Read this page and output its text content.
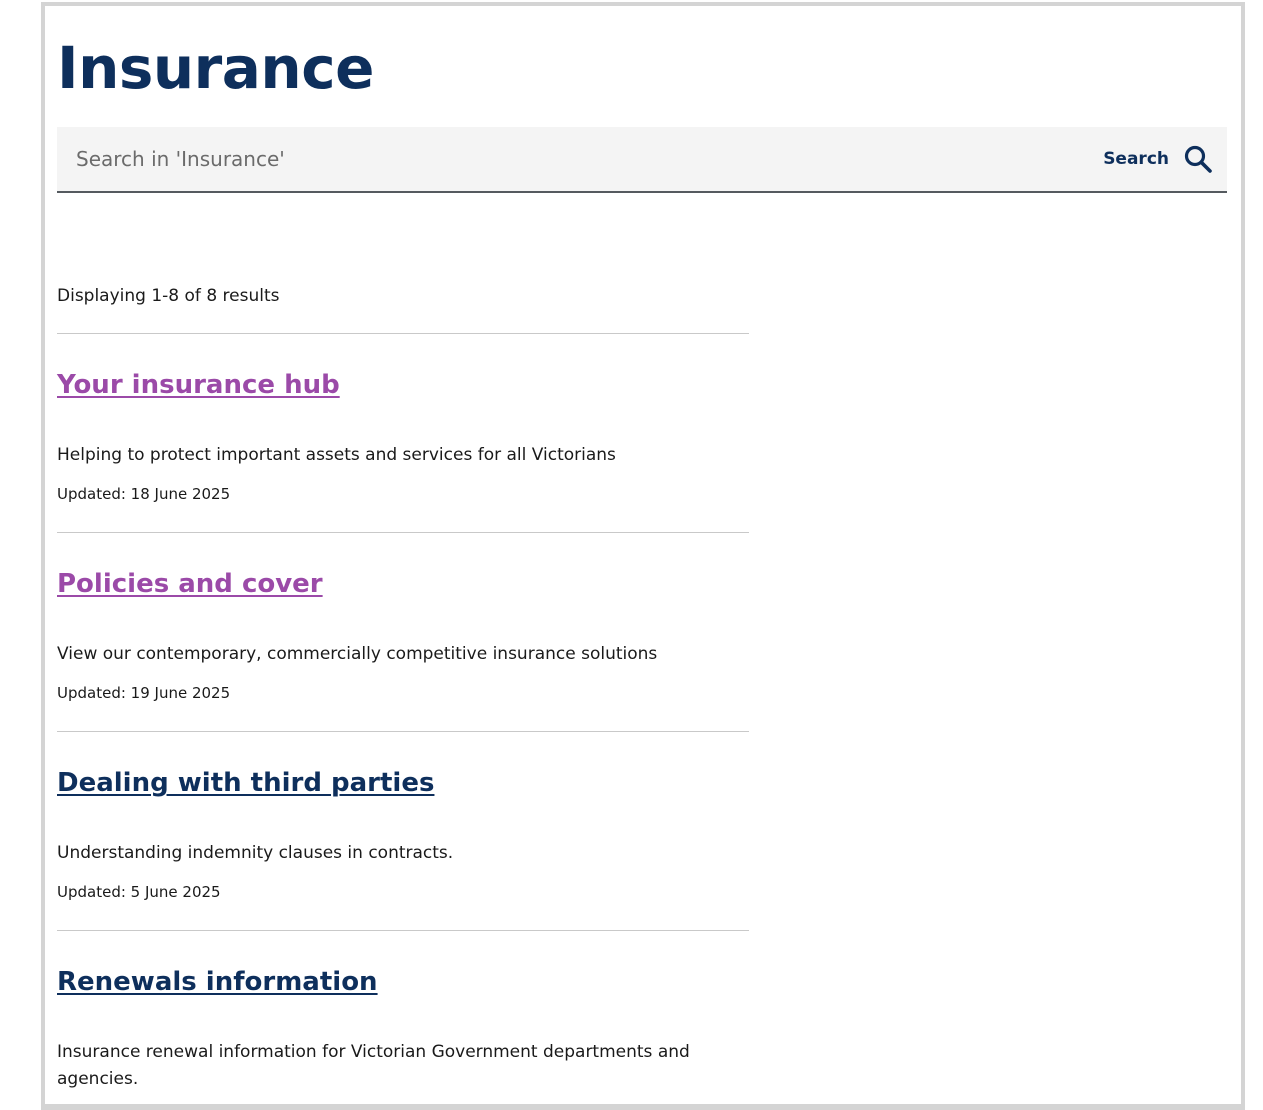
Insurance
Search in 'Insurance'
Search

Displaying 1-8 of 8 results

Your insurance hub

Helping to protect important assets and services for all Victorians

Updated: 18 June 2025

Policies and cover

View our contemporary, commercially competitive insurance solutions

Updated: 19 June 2025

Dealing with third parties

Understanding indemnity clauses in contracts.

Updated: 5 June 2025

Renewals information

Insurance renewal information for Victorian Government departments and agencies.
